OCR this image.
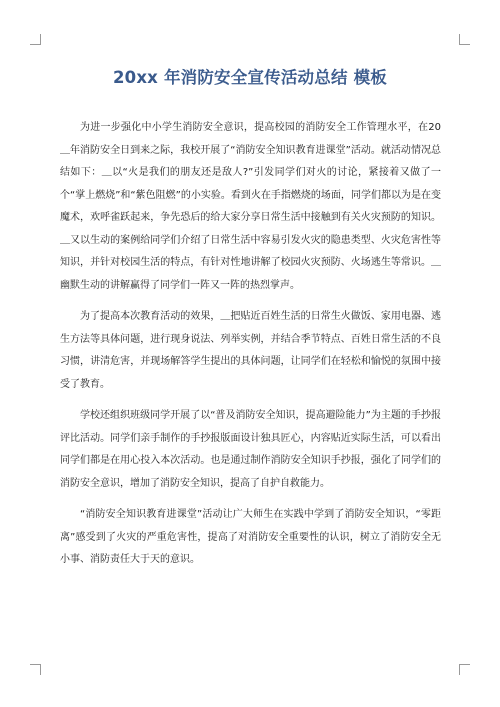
20xx 年消防安全宣传活动总结 模板

为进一步强化中小学生消防安全意识，提高校园的消防安全工作管理水平，在20＿年消防安全日到来之际，我校开展了“消防安全知识教育进课堂”活动。就活动情况总结如下：＿以“火是我们的朋友还是敌人?”引发同学们对火的讨论，紧接着又做了一个“掌上燃烧”和“紫色阻燃”的小实验。看到火在手指燃烧的场面，同学们都以为是在变魔术，欢呼雀跃起来，争先恐后的给大家分享日常生活中接触到有关火灾预防的知识。＿又以生动的案例给同学们介绍了日常生活中容易引发火灾的隐患类型、火灾危害性等知识，并针对校园生活的特点，有针对性地讲解了校园火灾预防、火场逃生等常识。＿幽默生动的讲解赢得了同学们一阵又一阵的热烈掌声。

为了提高本次教育活动的效果，＿把贴近百姓生活的日常生火做饭、家用电器、逃生方法等具体问题，进行现身说法、列举实例，并结合季节特点、百姓日常生活的不良习惯，讲清危害，并现场解答学生提出的具体问题，让同学们在轻松和愉悦的氛围中接受了教育。

学校还组织班级同学开展了以“普及消防安全知识，提高避险能力”为主题的手抄报评比活动。同学们亲手制作的手抄报版面设计独具匠心，内容贴近实际生活，可以看出同学们都是在用心投入本次活动。也是通过制作消防安全知识手抄报，强化了同学们的消防安全意识，增加了消防安全知识，提高了自护自救能力。

“消防安全知识教育进课堂”活动让广大师生在实践中学到了消防安全知识，“零距离”感受到了火灾的严重危害性，提高了对消防安全重要性的认识，树立了消防安全无小事、消防责任大于天的意识。
